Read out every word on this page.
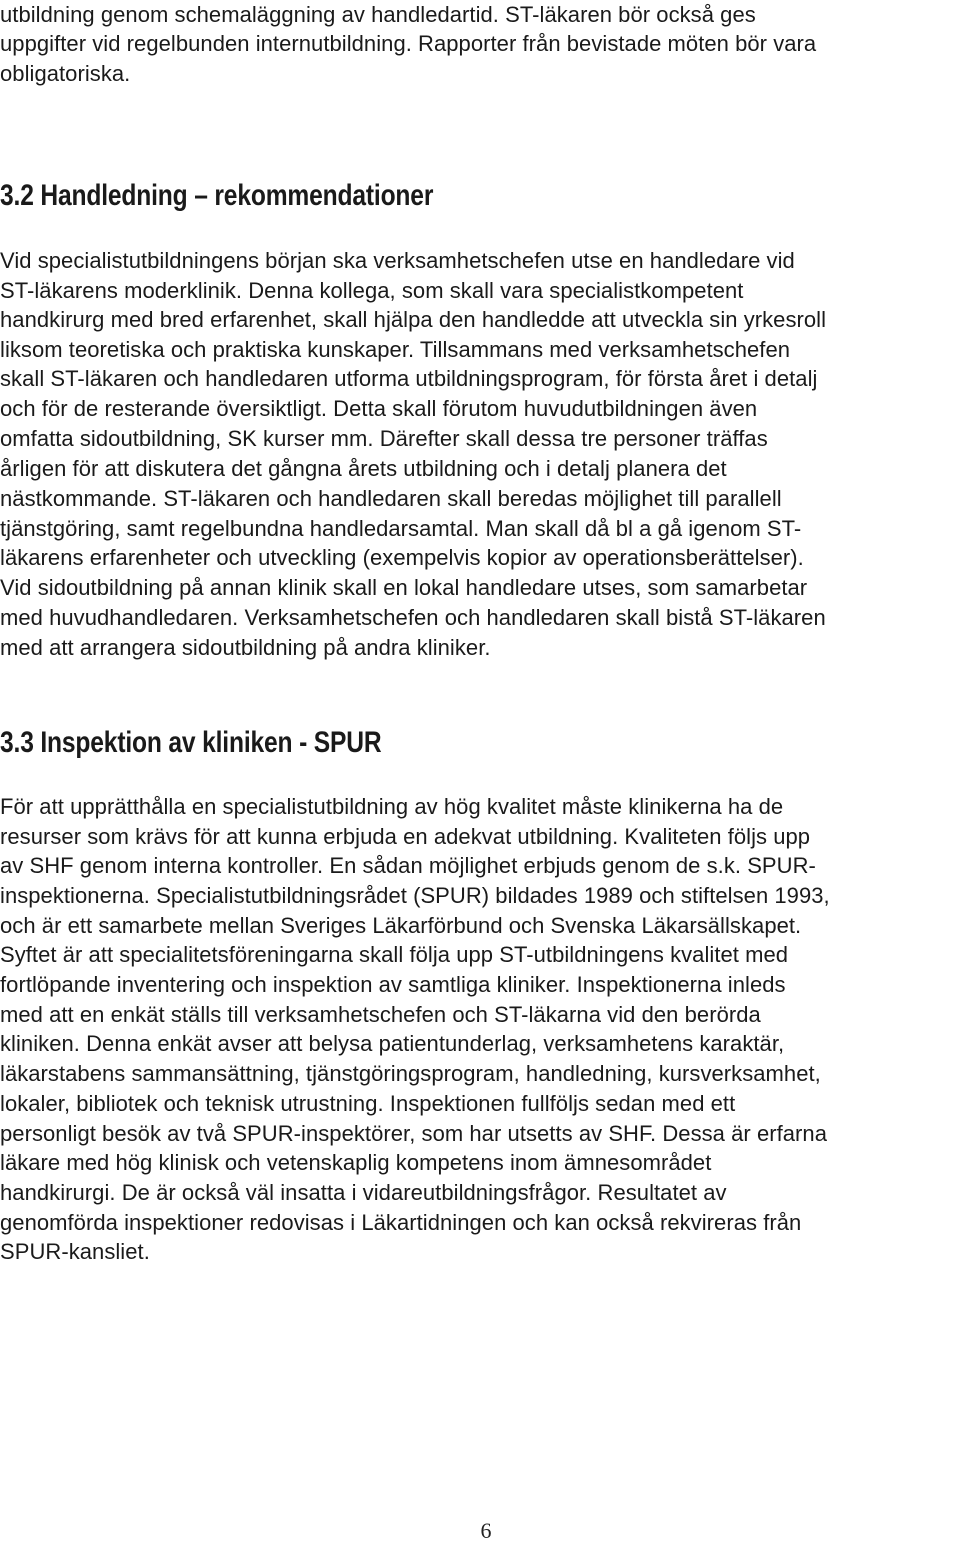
utbildning genom schemaläggning av handledartid. ST-läkaren bör också ges

uppgifter vid regelbunden internutbildning. Rapporter från bevistade möten bör vara

obligatoriska.

3.2 Handledning – rekommendationer

Vid specialistutbildningens början ska verksamhetschefen utse en handledare vid

ST-läkarens moderklinik. Denna kollega, som skall vara specialistkompetent

handkirurg med bred erfarenhet, skall hjälpa den handledde att utveckla sin yrkesroll

liksom teoretiska och praktiska kunskaper. Tillsammans med verksamhetschefen

skall ST-läkaren och handledaren utforma utbildningsprogram, för första året i detalj

och för de resterande översiktligt. Detta skall förutom huvudutbildningen även

omfatta sidoutbildning, SK kurser mm. Därefter skall dessa tre personer träffas

årligen för att diskutera det gångna årets utbildning och i detalj planera det

nästkommande. ST-läkaren och handledaren skall beredas möjlighet till parallell

tjänstgöring, samt regelbundna handledarsamtal. Man skall då bl a gå igenom ST-

läkarens erfarenheter och utveckling (exempelvis kopior av operationsberättelser).

Vid sidoutbildning på annan klinik skall en lokal handledare utses, som samarbetar

med huvudhandledaren. Verksamhetschefen och handledaren skall bistå ST-läkaren

med att arrangera sidoutbildning på andra kliniker.

3.3 Inspektion av kliniken - SPUR

För att upprätthålla en specialistutbildning av hög kvalitet måste klinikerna ha de

resurser som krävs för att kunna erbjuda en adekvat utbildning. Kvaliteten följs upp

av SHF genom interna kontroller. En sådan möjlighet erbjuds genom de s.k. SPUR-

inspektionerna. Specialistutbildningsrådet (SPUR) bildades 1989 och stiftelsen 1993,

och är ett samarbete mellan Sveriges Läkarförbund och Svenska Läkarsällskapet.

Syftet är att specialitetsföreningarna skall följa upp ST-utbildningens kvalitet med

fortlöpande inventering och inspektion av samtliga kliniker. Inspektionerna inleds

med att en enkät ställs till verksamhetschefen och ST-läkarna vid den berörda

kliniken. Denna enkät avser att belysa patientunderlag, verksamhetens karaktär,

läkarstabens sammansättning, tjänstgöringsprogram, handledning, kursverksamhet,

lokaler, bibliotek och teknisk utrustning. Inspektionen fullföljs sedan med ett

personligt besök av två SPUR-inspektörer, som har utsetts av SHF. Dessa är erfarna

läkare med hög klinisk och vetenskaplig kompetens inom ämnesområdet

handkirurgi. De är också väl insatta i vidareutbildningsfrågor. Resultatet av

genomförda inspektioner redovisas i Läkartidningen och kan också rekvireras från

SPUR-kansliet.

6
